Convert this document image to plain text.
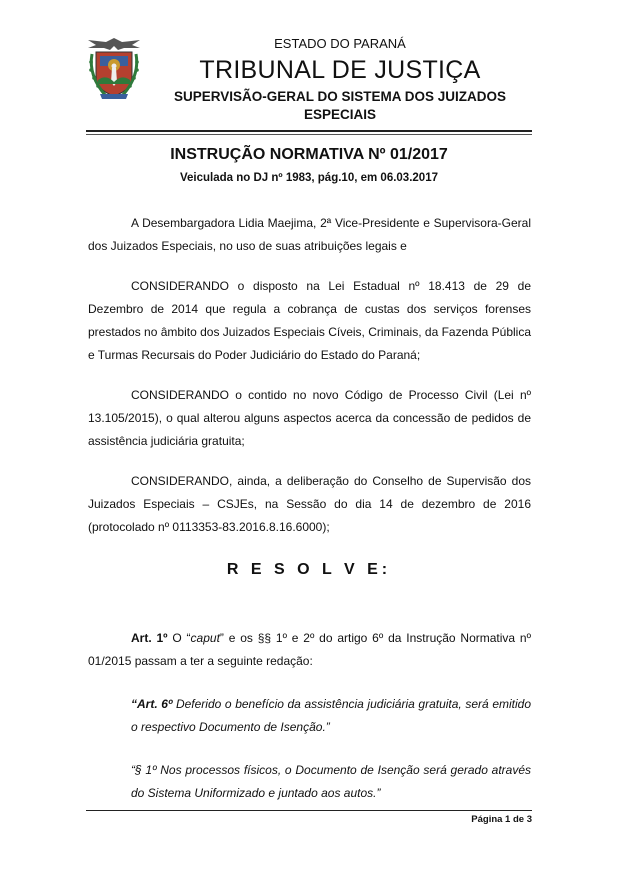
ESTADO DO PARANÁ
TRIBUNAL DE JUSTIÇA
SUPERVISÃO-GERAL DO SISTEMA DOS JUIZADOS
ESPECIAIS
INSTRUÇÃO NORMATIVA Nº 01/2017
Veiculada no DJ nº 1983, pág.10, em 06.03.2017
A Desembargadora Lidia Maejima, 2ª Vice-Presidente e Supervisora-Geral dos Juizados Especiais, no uso de suas atribuições legais e
CONSIDERANDO o disposto na Lei Estadual nº 18.413 de 29 de Dezembro de 2014 que regula a cobrança de custas dos serviços forenses prestados no âmbito dos Juizados Especiais Cíveis, Criminais, da Fazenda Pública e Turmas Recursais do Poder Judiciário do Estado do Paraná;
CONSIDERANDO o contido no novo Código de Processo Civil (Lei nº 13.105/2015), o qual alterou alguns aspectos acerca da concessão de pedidos de assistência judiciária gratuita;
CONSIDERANDO, ainda, a deliberação do Conselho de Supervisão dos Juizados Especiais – CSJEs, na Sessão do dia 14 de dezembro de 2016 (protocolado nº 0113353-83.2016.8.16.6000);
R E S O L V E:
Art. 1º O “caput” e os §§ 1º e 2º do artigo 6º da Instrução Normativa nº 01/2015 passam a ter a seguinte redação:
“Art. 6º Deferido o benefício da assistência judiciária gratuita, será emitido o respectivo Documento de Isenção.”
“§ 1º Nos processos físicos, o Documento de Isenção será gerado através do Sistema Uniformizado e juntado aos autos.”
Página 1 de 3
